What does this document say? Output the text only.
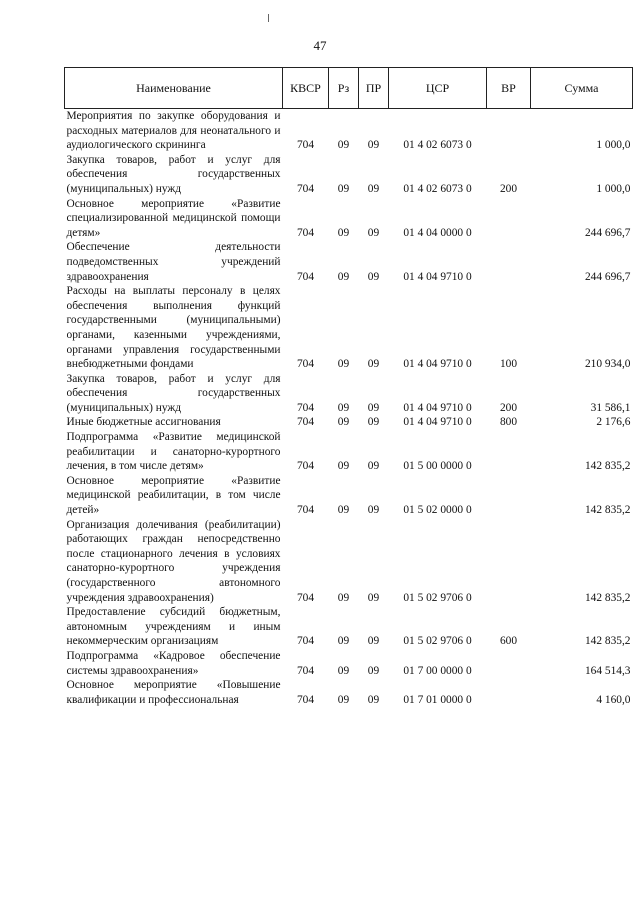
47
Наименование	КВСР	Рз	ПР	ЦСР	ВР	Сумма
Мероприятия по закупке оборудования и расходных материалов для неонатального и аудиологического скрининга	704	09	09	01 4 02 6073 0		1 000,0
Закупка товаров, работ и услуг для обеспечения государственных (муниципальных) нужд	704	09	09	01 4 02 6073 0	200	1 000,0
Основное мероприятие «Развитие специализированной медицинской помощи детям»	704	09	09	01 4 04 0000 0		244 696,7
Обеспечение деятельности подведомственных учреждений здравоохранения	704	09	09	01 4 04 9710 0		244 696,7
Расходы на выплаты персоналу в целях обеспечения выполнения функций государственными (муниципальными) органами, казенными учреждениями, органами управления государственными внебюджетными фондами	704	09	09	01 4 04 9710 0	100	210 934,0
Закупка товаров, работ и услуг для обеспечения государственных (муниципальных) нужд	704	09	09	01 4 04 9710 0	200	31 586,1
Иные бюджетные ассигнования	704	09	09	01 4 04 9710 0	800	2 176,6
Подпрограмма «Развитие медицинской реабилитации и санаторно-курортного лечения, в том числе детям»	704	09	09	01 5 00 0000 0		142 835,2
Основное мероприятие «Развитие медицинской реабилитации, в том числе детей»	704	09	09	01 5 02 0000 0		142 835,2
Организация долечивания (реабилитации) работающих граждан непосредственно после стационарного лечения в условиях санаторно-курортного учреждения (государственного автономного учреждения здравоохранения)	704	09	09	01 5 02 9706 0		142 835,2
Предоставление субсидий бюджетным, автономным учреждениям и иным некоммерческим организациям	704	09	09	01 5 02 9706 0	600	142 835,2
Подпрограмма «Кадровое обеспечение системы здравоохранения»	704	09	09	01 7 00 0000 0		164 514,3
Основное мероприятие «Повышение квалификации и профессиональная	704	09	09	01 7 01 0000 0		4 160,0
